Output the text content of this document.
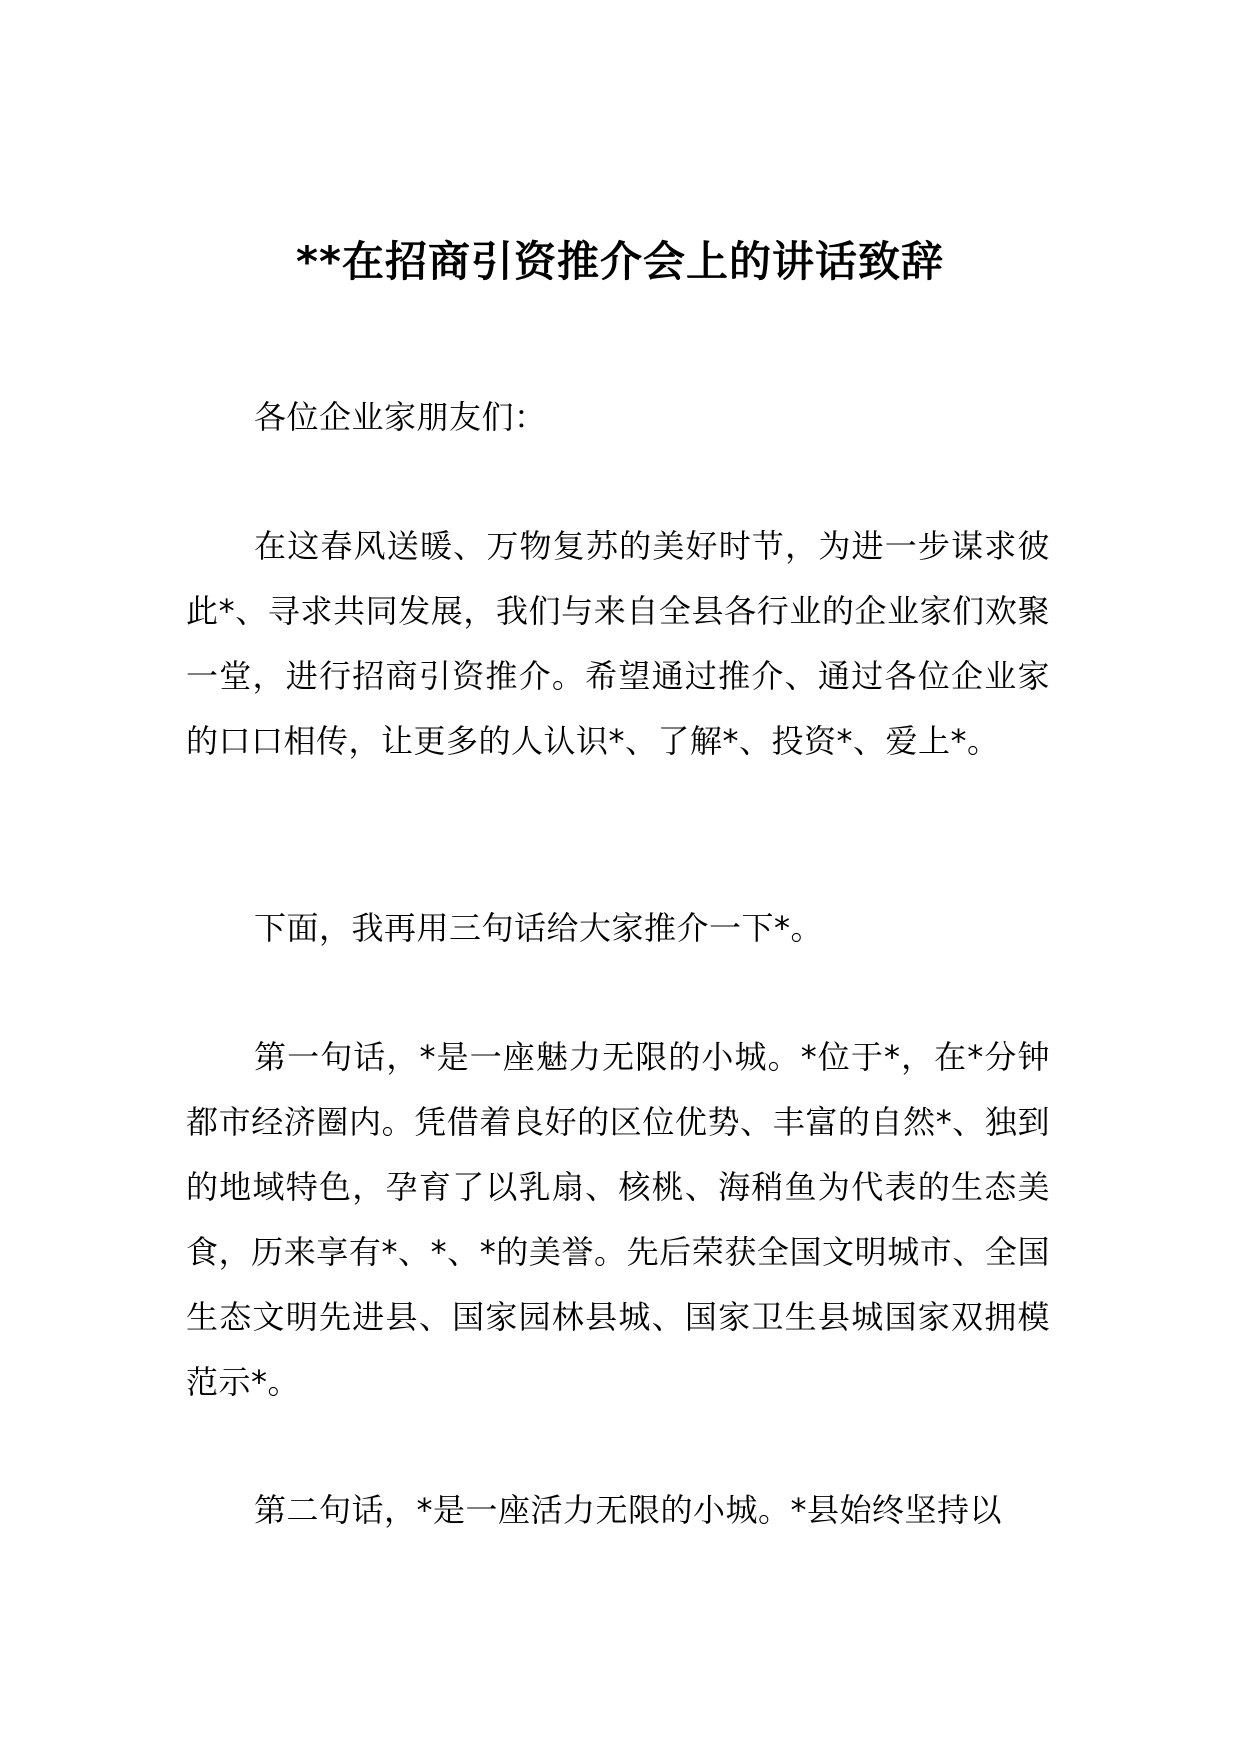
**在招商引资推介会上的讲话致辞

各位企业家朋友们：

在这春风送暖、万物复苏的美好时节，为进一步谋求彼此*、寻求共同发展，我们与来自全县各行业的企业家们欢聚一堂，进行招商引资推介。希望通过推介、通过各位企业家的口口相传，让更多的人认识*、了解*、投资*、爱上*。

下面，我再用三句话给大家推介一下*。

第一句话，*是一座魅力无限的小城。*位于*，在*分钟都市经济圈内。凭借着良好的区位优势、丰富的自然*、独到的地域特色，孕育了以乳扇、核桃、海稍鱼为代表的生态美食，历来享有*、*、*的美誉。先后荣获全国文明城市、全国生态文明先进县、国家园林县城、国家卫生县城国家双拥模范示*。

第二句话，*是一座活力无限的小城。*县始终坚持以
